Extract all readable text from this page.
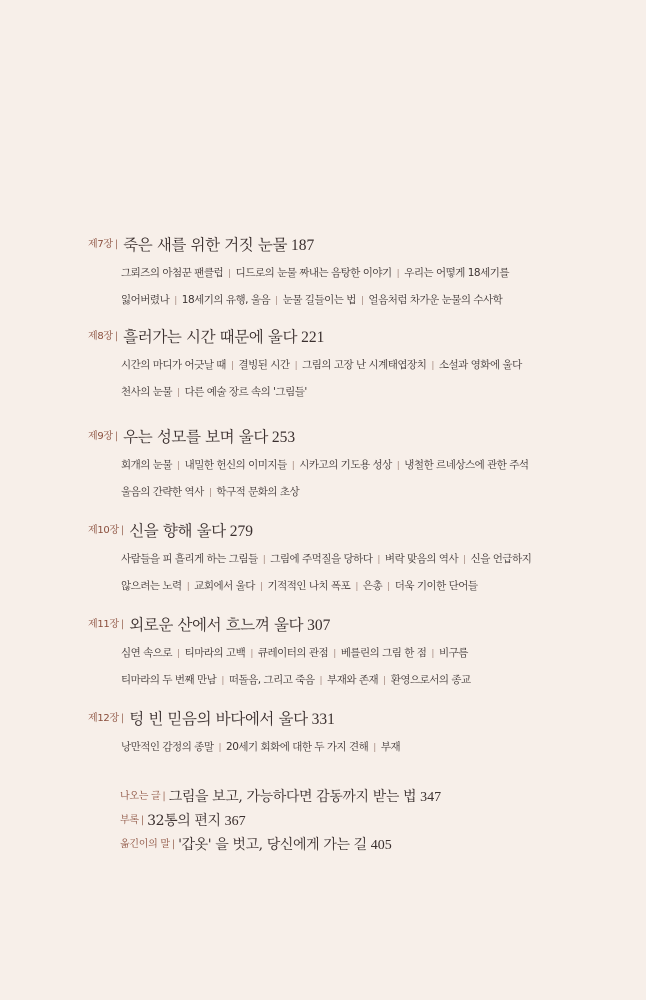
제7장 | 죽은 새를 위한 거짓 눈물 187
그뢰즈의 아첨꾼 팬클럽 | 디드로의 눈물 짜내는 음탕한 이야기 | 우리는 어떻게 18세기를
잃어버렸나 | 18세기의 유행, 울음 | 눈물 길들이는 법 | 얼음처럼 차가운 눈물의 수사학
제8장 | 흘러가는 시간 때문에 울다 221
시간의 마디가 어긋날 때 | 결빙된 시간 | 그림의 고장 난 시계태엽장치 | 소설과 영화에 울다
천사의 눈물 | 다른 예술 장르 속의 '그림들'
제9장 | 우는 성모를 보며 울다 253
회개의 눈물 | 내밀한 헌신의 이미지들 | 시카고의 기도용 성상 | 냉철한 르네상스에 관한 주석
울음의 간략한 역사 | 학구적 문화의 초상
제10장 | 신을 향해 울다 279
사람들을 피 흘리게 하는 그림들 | 그림에 주먹질을 당하다 | 벼락 맞음의 역사 | 신을 언급하지
않으려는 노력 | 교회에서 울다 | 기적적인 나치 폭포 | 은총 | 더욱 기이한 단어들
제11장 | 외로운 산에서 흐느껴 울다 307
심연 속으로 | 티마라의 고백 | 큐레이터의 관점 | 베를린의 그림 한 점 | 비구름
티마라의 두 번째 만남 | 떠돌음, 그리고 죽음 | 부재와 존재 | 환영으로서의 종교
제12장 | 텅 빈 믿음의 바다에서 울다 331
낭만적인 감정의 종말 | 20세기 회화에 대한 두 가지 견해 | 부재
나오는 글 | 그림을 보고, 가능하다면 감동까지 받는 법 347
부록 | 32통의 편지 367
옮긴이의 말 | '갑옷' 을 벗고, 당신에게 가는 길 405
